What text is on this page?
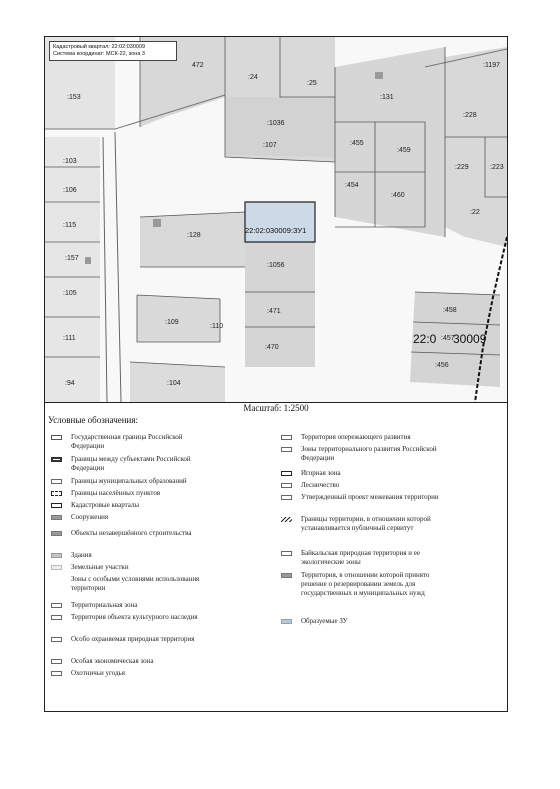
472
:24
:25
:1197
:153	:131
:228
:1036
:107	:455
:459
:103
:229	:223
:106
:454
:460
:22
:115
:128
:157
:1056
:105
:109
:110
:471	:458
:111
:470
:457
:456
:94	:104
22:02:030009:ЗУ1
22:0 30009
Кадастровый квартал: 22:02:030009
Система координат: МСК-22, зона 3
Масштаб: 1:2500
Условные обозначения:
Государственная граница Российской Федерации
Границы между субъектами Российской Федерации
Границы муниципальных образований
Границы населённых пунктов
Кадастровые кварталы
Сооружения
Объекты незавершённого строительства
Здания
Земельные участки
Зоны с особыми условиями использования территории
Территориальная зона
Территория объекта культурного наследия
Особо охраняемая природная территория
Особая экономическая зона
Охотничьи угодья
Территория опережающего развития
Зоны территориального развития Российской Федерации
Игорная зона
Лесничество
Утвержденный проект межевания территории
Границы территории, в отношении которой устанавливается публичный сервитут
Байкальская природная территория и ее экологические зоны
Территория, в отношении которой принято решение о резервировании земель для государственных и муниципальных нужд
Образуемые ЗУ
